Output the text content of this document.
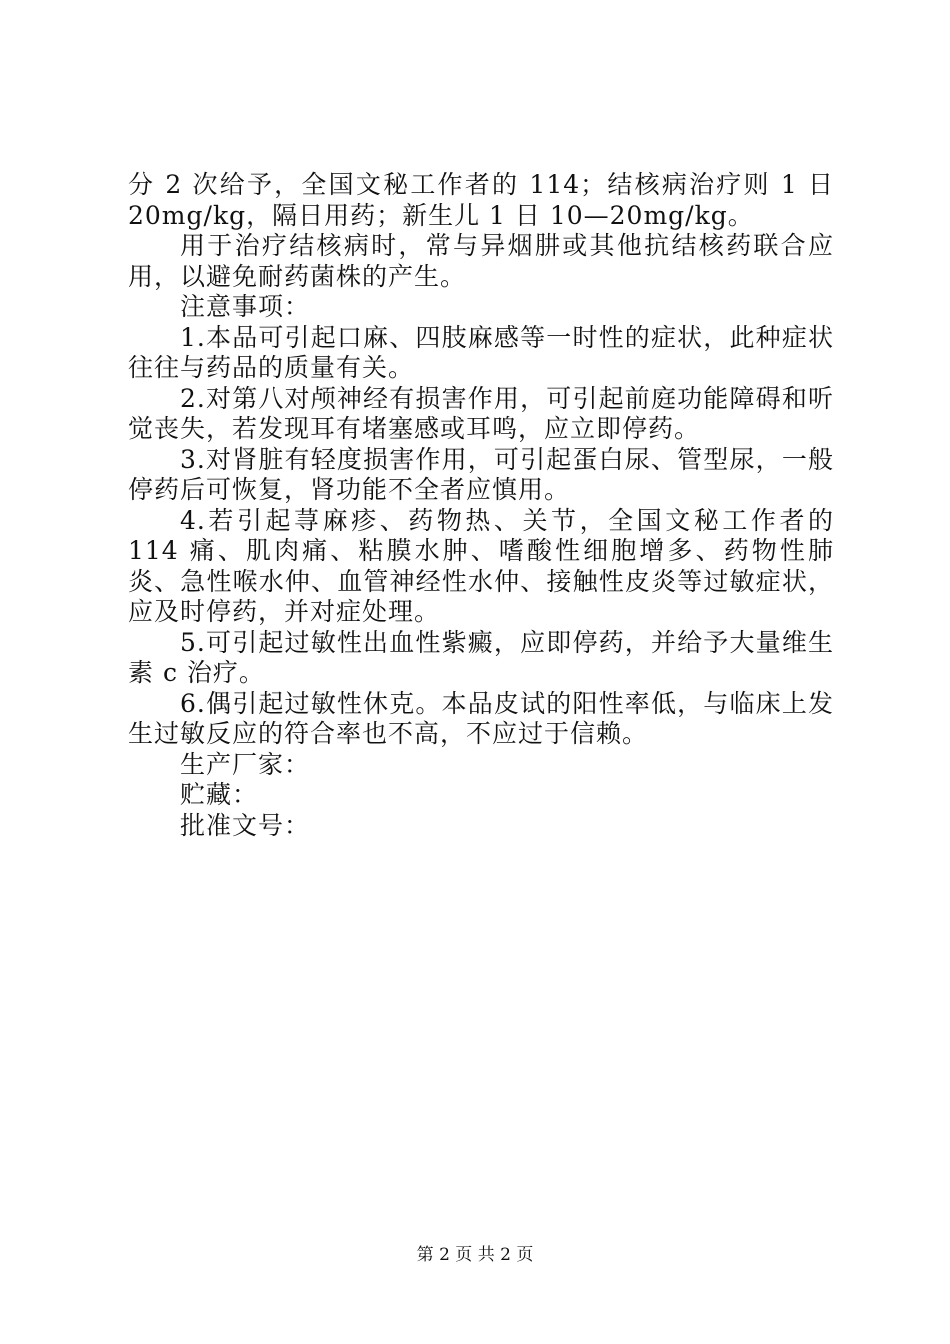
分 2 次给予，全国文秘工作者的 114；结核病治疗则 1 日 20mg/kg，隔日用药；新生儿 1 日 10—20mg/kg。

用于治疗结核病时，常与异烟肼或其他抗结核药联合应用，以避免耐药菌株的产生。

注意事项：

1.本品可引起口麻、四肢麻感等一时性的症状，此种症状往往与药品的质量有关。

2.对第八对颅神经有损害作用，可引起前庭功能障碍和听觉丧失，若发现耳有堵塞感或耳鸣，应立即停药。

3.对肾脏有轻度损害作用，可引起蛋白尿、管型尿，一般停药后可恢复，肾功能不全者应慎用。

4.若引起荨麻疹、药物热、关节，全国文秘工作者的 114 痛、肌肉痛、粘膜水肿、嗜酸性细胞增多、药物性肺炎、急性喉水仲、血管神经性水仲、接触性皮炎等过敏症状，应及时停药，并对症处理。

5.可引起过敏性出血性紫癜，应即停药，并给予大量维生素 c 治疗。

6.偶引起过敏性休克。本品皮试的阳性率低，与临床上发生过敏反应的符合率也不高，不应过于信赖。

生产厂家：

贮藏：

批准文号：

第 2 页 共 2 页
